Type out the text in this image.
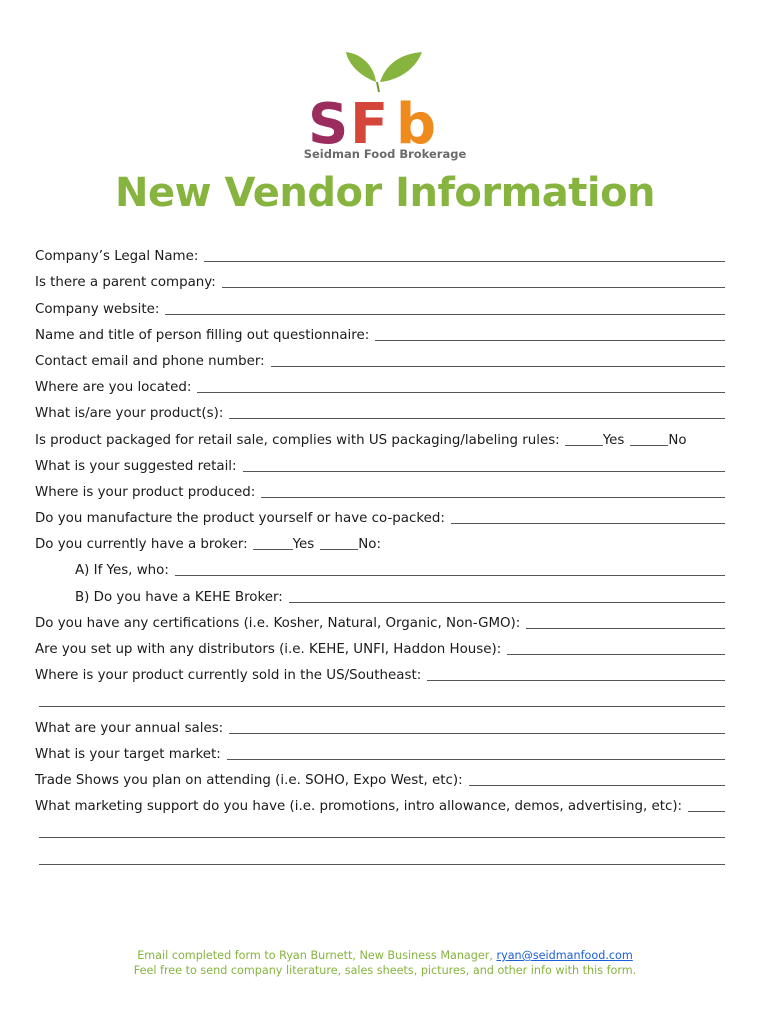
S F b
Seidman Food Brokerage
New Vendor Information
Company’s Legal Name:
Is there a parent company:
Company website:
Name and title of person filling out questionnaire:
Contact email and phone number:
Where are you located:
What is/are your product(s):
Is product packaged for retail sale, complies with US packaging/labeling rules:	Yes	No
What is your suggested retail:
Where is your product produced:
Do you manufacture the product yourself or have co-packed:
Do you currently have a broker:	Yes	No:
A) If Yes, who:
B) Do you have a KEHE Broker:
Do you have any certifications (i.e. Kosher, Natural, Organic, Non-GMO):
Are you set up with any distributors (i.e. KEHE, UNFI, Haddon House):
Where is your product currently sold in the US/Southeast:
What are your annual sales:
What is your target market:
Trade Shows you plan on attending (i.e. SOHO, Expo West, etc):
What marketing support do you have (i.e. promotions, intro allowance, demos, advertising, etc):
Email completed form to Ryan Burnett, New Business Manager, ryan@seidmanfood.com
Feel free to send company literature, sales sheets, pictures, and other info with this form.
